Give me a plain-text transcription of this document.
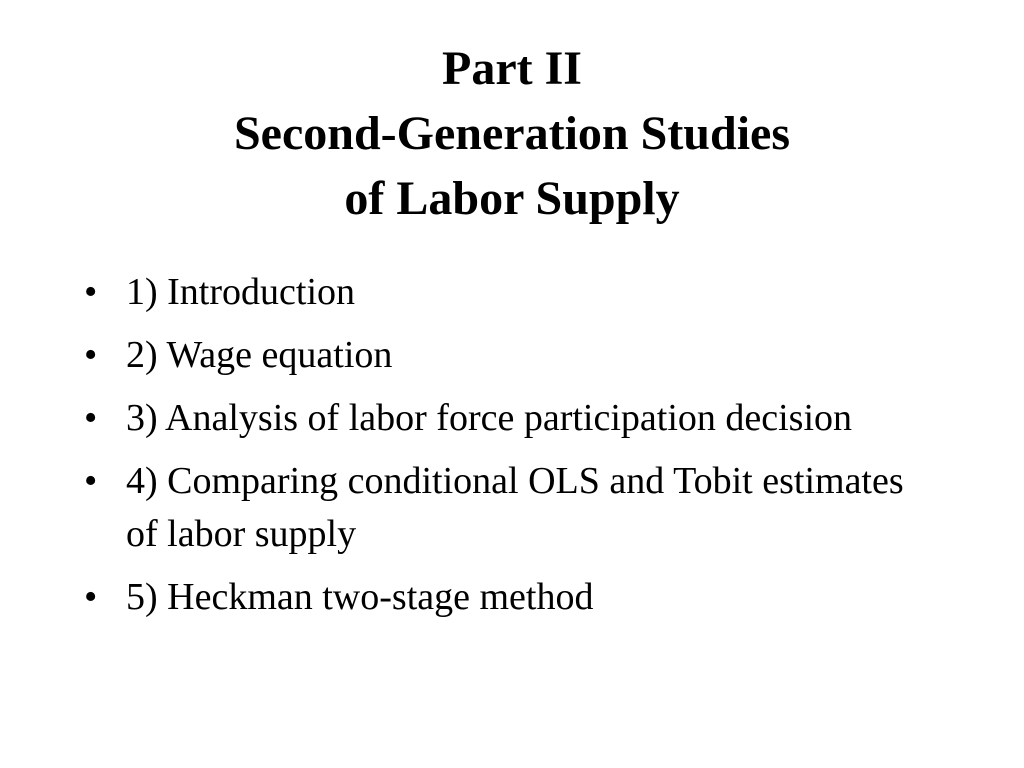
Part II
Second-Generation Studies
of Labor Supply
• 1) Introduction
• 2) Wage equation
• 3) Analysis of labor force participation decision
• 4) Comparing conditional OLS and Tobit estimates of labor supply
• 5) Heckman two-stage method
